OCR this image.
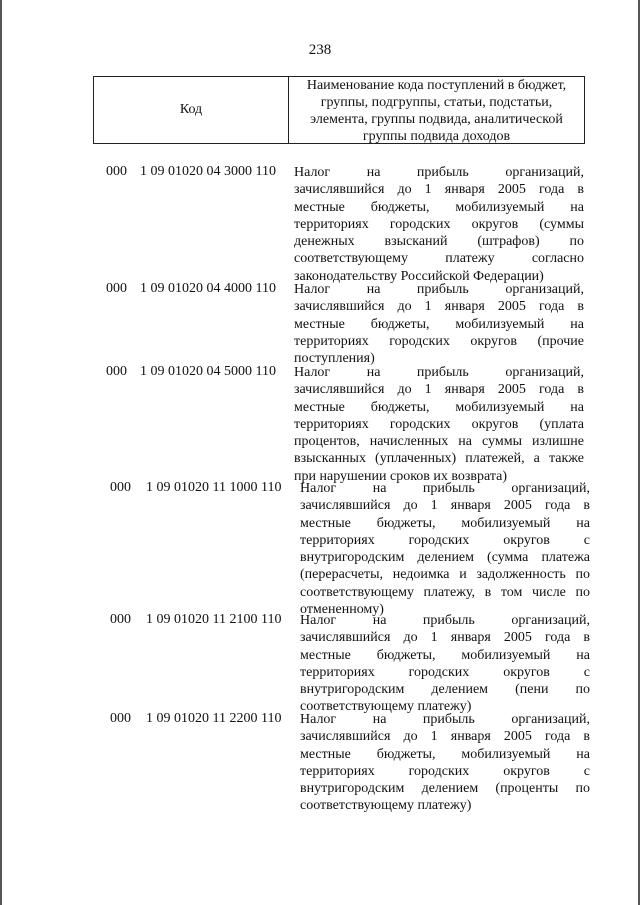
238
Код
Наименование кода поступлений в бюджет,
группы, подгруппы, статьи, подстатьи,
элемента, группы подвида, аналитической
группы подвида доходов
000 1 09 01020 04 3000 110 Налог на прибыль организаций,
зачислявшийся до 1 января 2005 года в
местные бюджеты, мобилизуемый на
территориях городских округов (суммы
денежных взысканий (штрафов) по
соответствующему платежу согласно
законодательству Российской Федерации)
000 1 09 01020 04 4000 110 Налог на прибыль организаций,
зачислявшийся до 1 января 2005 года в
местные бюджеты, мобилизуемый на
территориях городских округов (прочие
поступления)
000 1 09 01020 04 5000 110 Налог на прибыль организаций,
зачислявшийся до 1 января 2005 года в
местные бюджеты, мобилизуемый на
территориях городских округов (уплата
процентов, начисленных на суммы излишне
взысканных (уплаченных) платежей, а также
при нарушении сроков их возврата)
000 1 09 01020 11 1000 110 Налог на прибыль организаций,
зачислявшийся до 1 января 2005 года в
местные бюджеты, мобилизуемый на
территориях городских округов с
внутригородским делением (сумма платежа
(перерасчеты, недоимка и задолженность по
соответствующему платежу, в том числе по
отмененному)
000 1 09 01020 11 2100 110 Налог на прибыль организаций,
зачислявшийся до 1 января 2005 года в
местные бюджеты, мобилизуемый на
территориях городских округов с
внутригородским делением (пени по
соответствующему платежу)
000 1 09 01020 11 2200 110 Налог на прибыль организаций,
зачислявшийся до 1 января 2005 года в
местные бюджеты, мобилизуемый на
территориях городских округов с
внутригородским делением (проценты по
соответствующему платежу)
